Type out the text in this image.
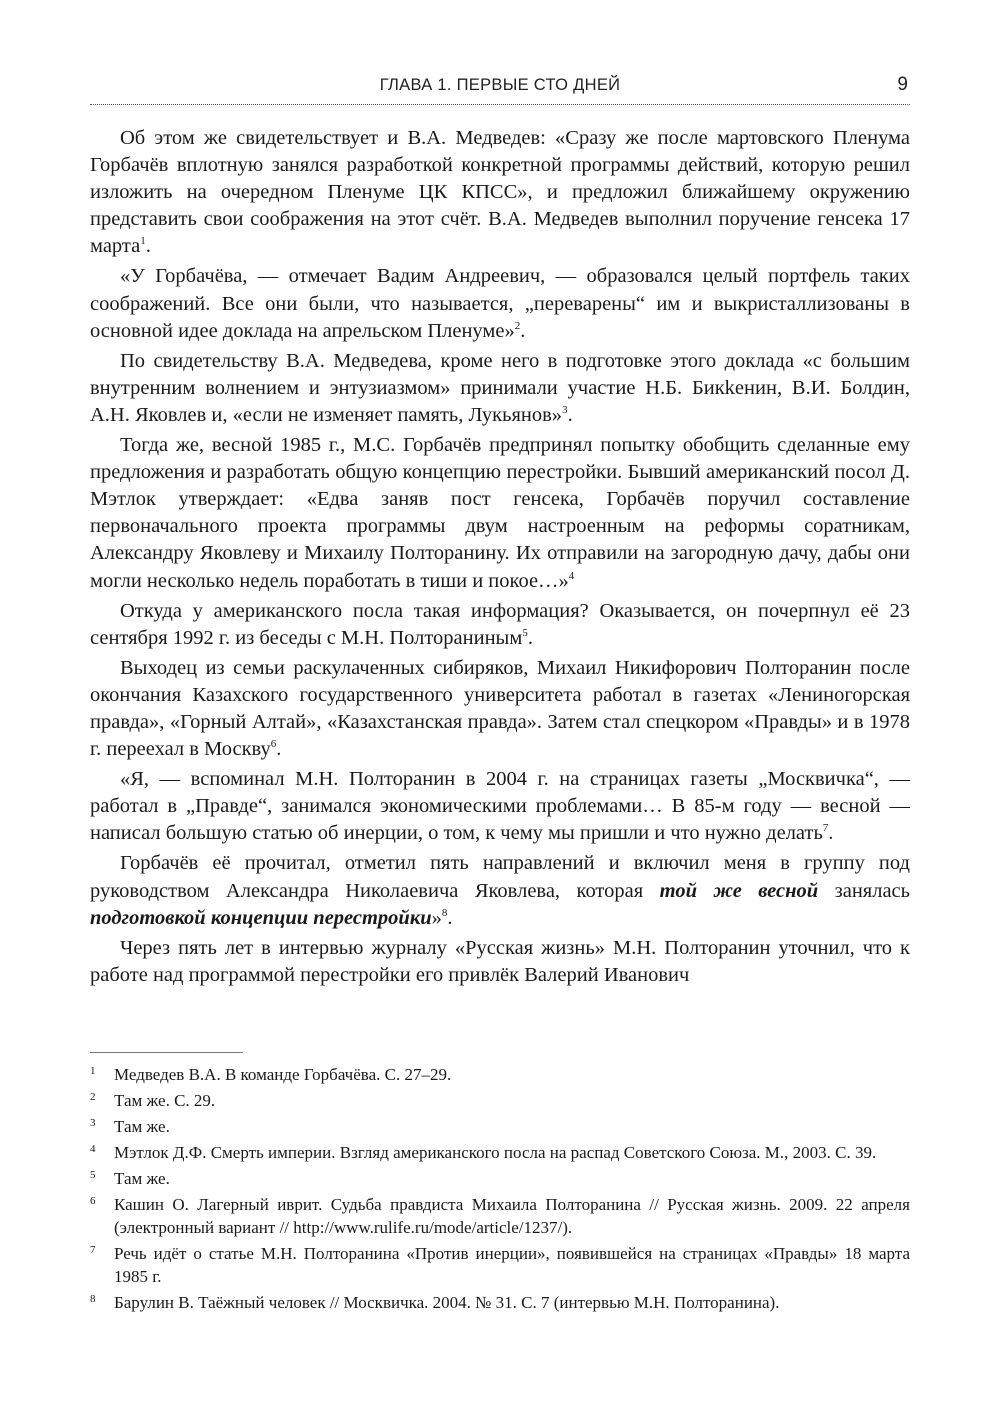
ГЛАВА 1. ПЕРВЫЕ СТО ДНЕЙ	9

Об этом же свидетельствует и В.А. Медведев: «Сразу же после мартовского Пленума Горбачёв вплотную занялся разработкой конкретной программы действий, которую решил изложить на очередном Пленуме ЦК КПСС», и предложил ближайшему окружению представить свои соображения на этот счёт. В.А. Медведев выполнил поручение генсека 17 марта$^1$.

«У Горбачёва, — отмечает Вадим Андреевич, — образовался целый портфель таких соображений. Все они были, что называется, „переварены“ им и выкристаллизованы в основной идее доклада на апрельском Пленуме»$^2$.

По свидетельству В.А. Медведева, кроме него в подготовке этого доклада «с большим внутренним волнением и энтузиазмом» принимали участие Н.Б. Бикkенин, В.И. Болдин, А.Н. Яковлев и, «если не изменяет память, Лукьянов»$^3$.

Тогда же, весной 1985 г., М.С. Горбачёв предпринял попытку обобщить сделанные ему предложения и разработать общую концепцию перестройки. Бывший американский посол Д. Мэтлок утверждает: «Едва заняв пост генсека, Горбачёв поручил составление первоначального проекта программы двум настроенным на реформы соратникам, Александру Яковлеву и Михаилу Полторанину. Их отправили на загородную дачу, дабы они могли несколько недель поработать в тиши и покое…»$^4$

Откуда у американского посла такая информация? Оказывается, он почерпнул её 23 сентября 1992 г. из беседы с М.Н. Полтораниным$^5$.

Выходец из семьи раскулаченных сибиряков, Михаил Никифорович Полторанин после окончания Казахского государственного университета работал в газетах «Лениногорская правда», «Горный Алтай», «Казахстанская правда». Затем стал спецкором «Правды» и в 1978 г. переехал в Москву$^6$.

«Я, — вспоминал М.Н. Полторанин в 2004 г. на страницах газеты „Москвичка“, — работал в „Правде“, занимался экономическими проблемами… В 85-м году — весной — написал большую статью об инерции, о том, к чему мы пришли и что нужно делать$^7$.

Горбачёв её прочитал, отметил пять направлений и включил меня в группу под руководством Александра Николаевича Яковлева, которая той же весной занялась подготовкой концепции перестройки»$^8$.

Через пять лет в интервью журналу «Русская жизнь» М.Н. Полторанин уточнил, что к работе над программой перестройки его привлёк Валерий Иванович

1 Медведев В.А. В команде Горбачёва. С. 27–29.
2 Там же. С. 29.
3 Там же.
4 Мэтлок Д.Ф. Смерть империи. Взгляд американского посла на распад Советского Союза. М., 2003. С. 39.
5 Там же.
6 Кашин О. Лагерный иврит. Судьба правдиста Михаила Полторанина // Русская жизнь. 2009. 22 апреля (электронный вариант // http://www.rulife.ru/mode/article/1237/).
7 Речь идёт о статье М.Н. Полторанина «Против инерции», появившейся на страницах «Правды» 18 марта 1985 г.
8 Барулин В. Таёжный человек // Москвичка. 2004. № 31. С. 7 (интервью М.Н. Полторанина).
